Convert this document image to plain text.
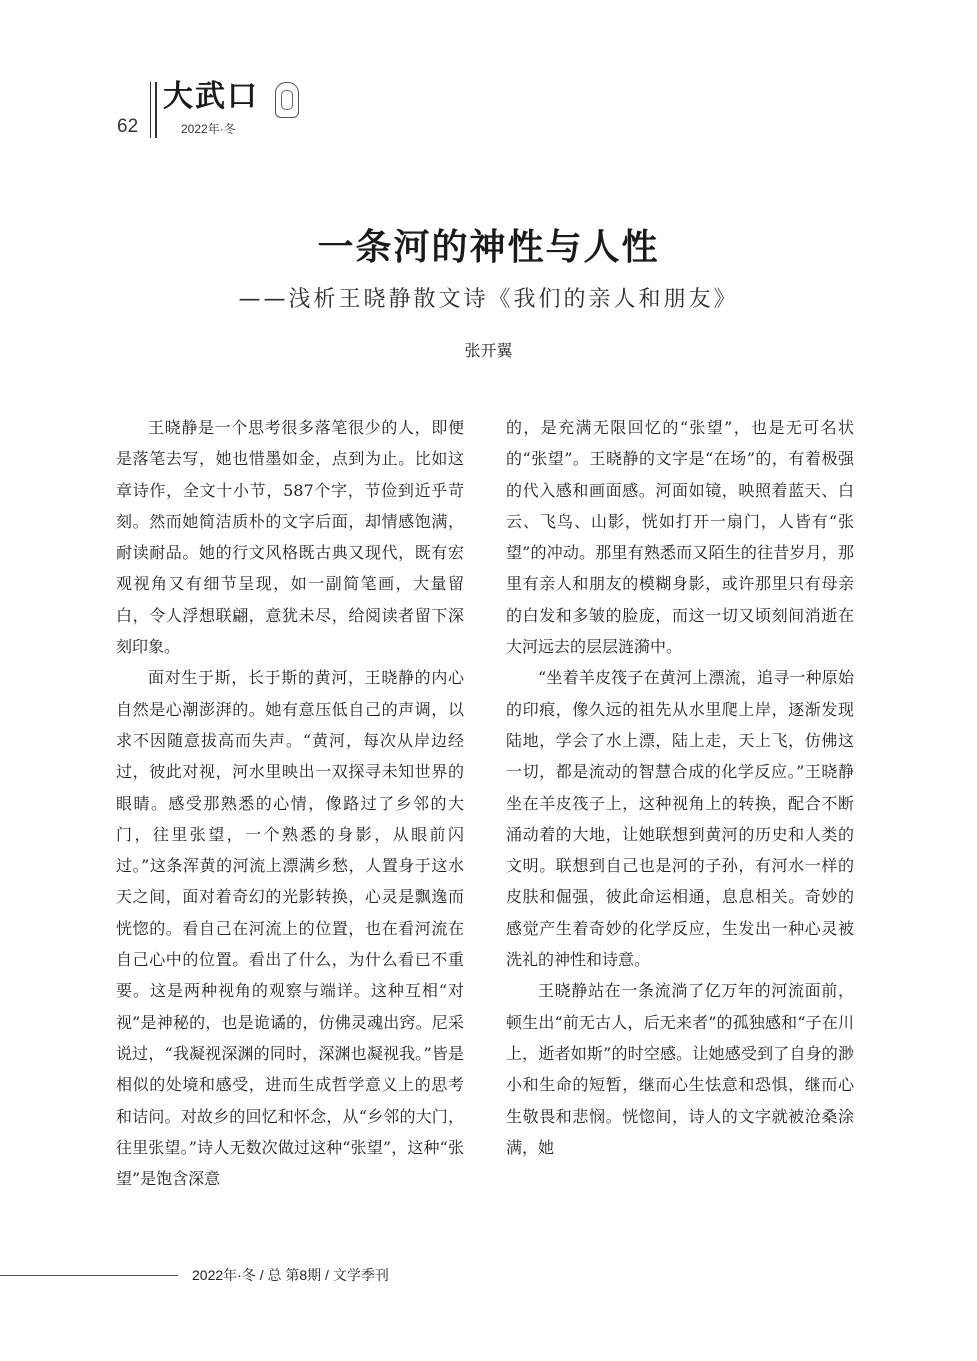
62
大武口
2022年·冬
一条河的神性与人性
——浅析王晓静散文诗《我们的亲人和朋友》
张开翼

王晓静是一个思考很多落笔很少的人，即便是落笔去写，她也惜墨如金，点到为止。比如这章诗作，全文十小节，587个字，节俭到近乎苛刻。然而她简洁质朴的文字后面，却情感饱满，耐读耐品。她的行文风格既古典又现代，既有宏观视角又有细节呈现，如一副简笔画，大量留白，令人浮想联翩，意犹未尽，给阅读者留下深刻印象。

面对生于斯，长于斯的黄河，王晓静的内心自然是心潮澎湃的。她有意压低自己的声调，以求不因随意拔高而失声。“黄河，每次从岸边经过，彼此对视，河水里映出一双探寻未知世界的眼睛。感受那熟悉的心情，像路过了乡邻的大门，往里张望，一个熟悉的身影，从眼前闪过。”这条浑黄的河流上漂满乡愁，人置身于这水天之间，面对着奇幻的光影转换，心灵是飘逸而恍惚的。看自己在河流上的位置，也在看河流在自己心中的位置。看出了什么，为什么看已不重要。这是两种视角的观察与端详。这种互相“对视”是神秘的，也是诡谲的，仿佛灵魂出窍。尼采说过，“我凝视深渊的同时，深渊也凝视我。”皆是相似的处境和感受，进而生成哲学意义上的思考和诘问。对故乡的回忆和怀念，从“乡邻的大门，往里张望。”诗人无数次做过这种“张望”，这种“张望”是饱含深意

的，是充满无限回忆的“张望”，也是无可名状的“张望”。王晓静的文字是“在场”的，有着极强的代入感和画面感。河面如镜，映照着蓝天、白云、飞鸟、山影，恍如打开一扇门，人皆有“张望”的冲动。那里有熟悉而又陌生的往昔岁月，那里有亲人和朋友的模糊身影，或许那里只有母亲的白发和多皱的脸庞，而这一切又顷刻间消逝在大河远去的层层涟漪中。

“坐着羊皮筏子在黄河上漂流，追寻一种原始的印痕，像久远的祖先从水里爬上岸，逐渐发现陆地，学会了水上漂，陆上走，天上飞，仿佛这一切，都是流动的智慧合成的化学反应。”王晓静坐在羊皮筏子上，这种视角上的转换，配合不断涌动着的大地，让她联想到黄河的历史和人类的文明。联想到自己也是河的子孙，有河水一样的皮肤和倔强，彼此命运相通，息息相关。奇妙的感觉产生着奇妙的化学反应，生发出一种心灵被洗礼的神性和诗意。

王晓静站在一条流淌了亿万年的河流面前，顿生出“前无古人，后无来者”的孤独感和“子在川上，逝者如斯”的时空感。让她感受到了自身的渺小和生命的短暂，继而心生怯意和恐惧，继而心生敬畏和悲悯。恍惚间，诗人的文字就被沧桑涂满，她

2022年·冬 / 总 第8期 / 文学季刊
